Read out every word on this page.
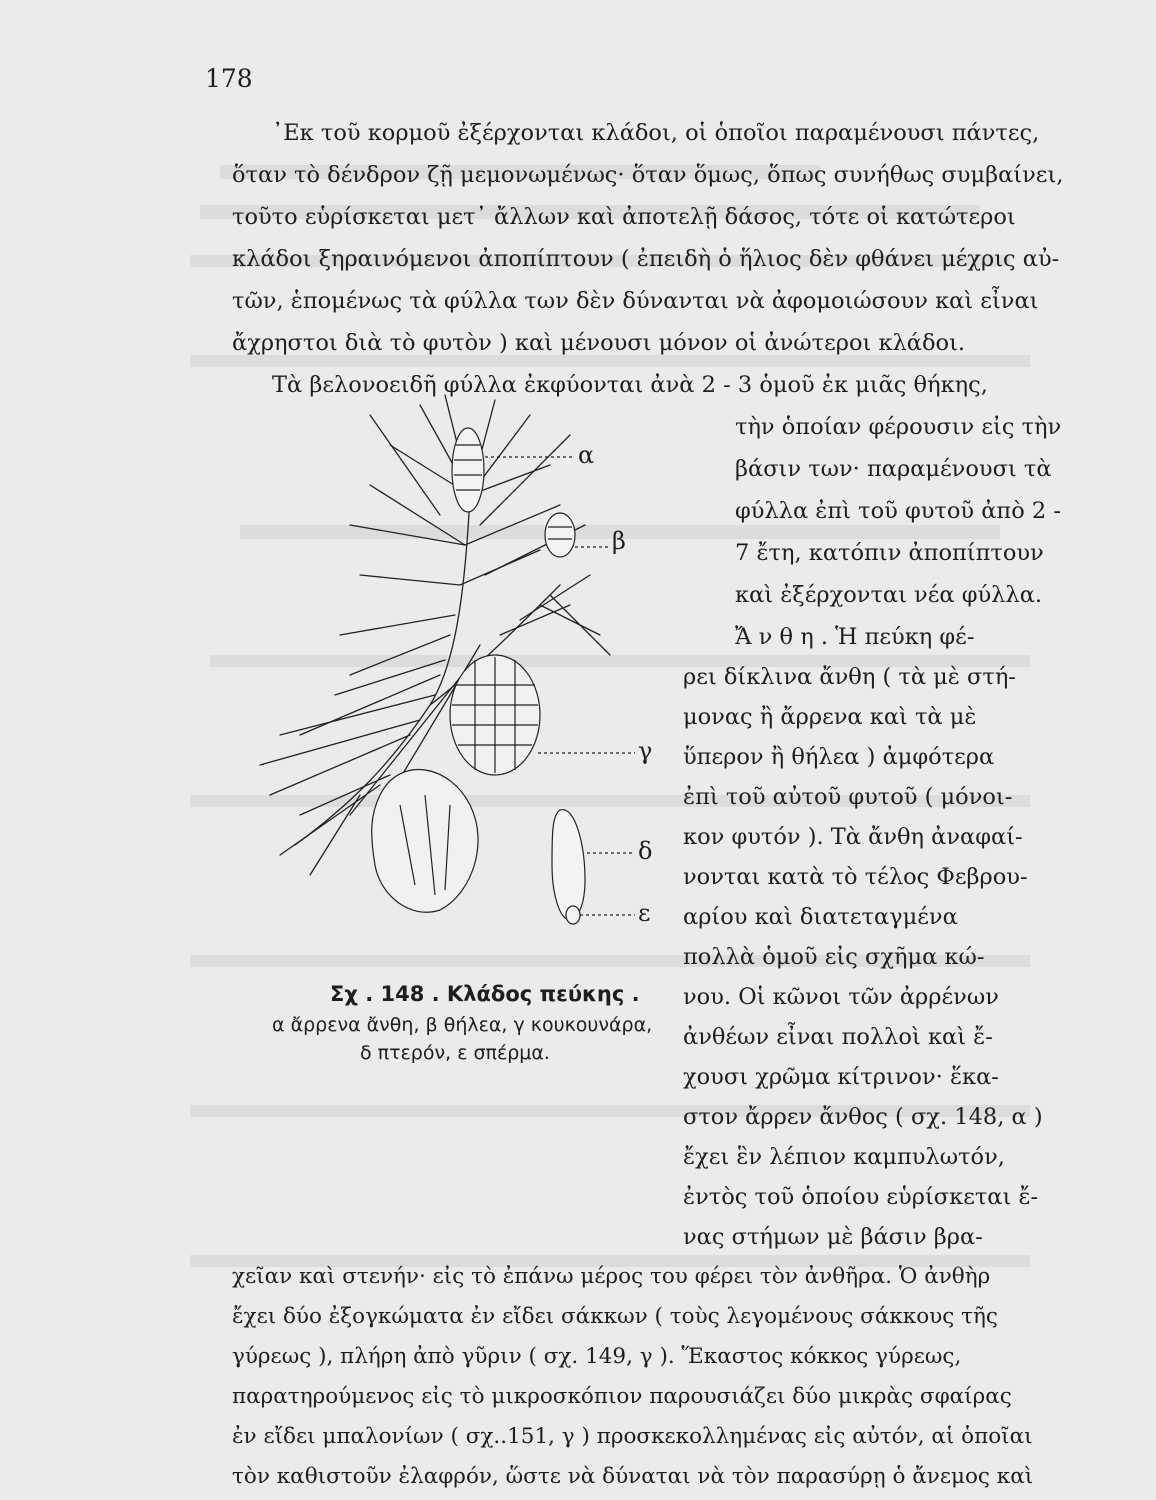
178
᾿Εκ τοῦ κορμοῦ ἐξέρχονται κλάδοι, οἱ ὁποῖοι παραμένουσι πάντες,
ὅταν τὸ δένδρον ζῇ μεμονωμένως· ὅταν ὅμως, ὅπως συνήθως συμβαίνει,
τοῦτο εὑρίσκεται μετ᾿ ἄλλων καὶ ἀποτελῇ δάσος, τότε οἱ κατώτεροι
κλάδοι ξηραινόμενοι ἀποπίπτουν ( ἐπειδὴ ὁ ἥλιος δὲν φθάνει μέχρις αὐ-
τῶν, ἑπομένως τὰ φύλλα των δὲν δύνανται νὰ ἀφομοιώσουν καὶ εἶναι
ἄχρηστοι διὰ τὸ φυτὸν ) καὶ μένουσι μόνον οἱ ἀνώτεροι κλάδοι.
Τὰ βελονοειδῆ φύλλα ἐκφύονται ἀνὰ 2 - 3 ὁμοῦ ἐκ μιᾶς θήκης,
τὴν ὁποίαν φέρουσιν εἰς τὴν
βάσιν των· παραμένουσι τὰ
φύλλα ἐπὶ τοῦ φυτοῦ ἀπὸ 2 -
7 ἔτη, κατόπιν ἀποπίπτουν
καὶ ἐξέρχονται νέα φύλλα.
Ἄ ν θ η . Ἡ πεύκη φέ-
ρει δίκλινα ἄνθη ( τὰ μὲ στή-
μονας ἢ ἄρρενα καὶ τὰ μὲ
ὕπερον ἢ θήλεα ) ἀμφότερα
ἐπὶ τοῦ αὐτοῦ φυτοῦ ( μόνοι-
κον φυτόν ). Τὰ ἄνθη ἀναφαί-
νονται κατὰ τὸ τέλος Φεβρου-
αρίου καὶ διατεταγμένα
πολλὰ ὁμοῦ εἰς σχῆμα κώ-
νου. Οἱ κῶνοι τῶν ἀρρένων
ἀνθέων εἶναι πολλοὶ καὶ ἔ-
χουσι χρῶμα κίτρινον· ἕκα-
στον ἄρρεν ἄνθος ( σχ. 148, α )
ἔχει ἓν λέπιον καμπυλωτόν,
ἐντὸς τοῦ ὁποίου εὑρίσκεται ἔ-
νας στήμων μὲ βάσιν βρα-
χεῖαν καὶ στενήν· εἰς τὸ ἐπάνω μέρος του φέρει τὸν ἀνθῆρα. Ὁ ἀνθὴρ
ἔχει δύο ἐξογκώματα ἐν εἴδει σάκκων ( τοὺς λεγομένους σάκκους τῆς
γύρεως ), πλήρη ἀπὸ γῦριν ( σχ. 149, γ ). Ἕκαστος κόκκος γύρεως,
παρατηρούμενος εἰς τὸ μικροσκόπιον παρουσιάζει δύο μικρὰς σφαίρας
ἐν εἴδει μπαλονίων ( σχ..151, γ ) προσκεκολλημένας εἰς αὐτόν, αἱ ὁποῖαι
τὸν καθιστοῦν ἐλαφρόν, ὥστε νὰ δύναται νὰ τὸν παρασύρῃ ὁ ἄνεμος καὶ
α
β
γ
δ
ε
Σχ . 148 . Κλάδος πεύκης .
α ἄρρενα ἄνθη, β θήλεα, γ κουκουνάρα,
δ πτερόν, ε σπέρμα.
